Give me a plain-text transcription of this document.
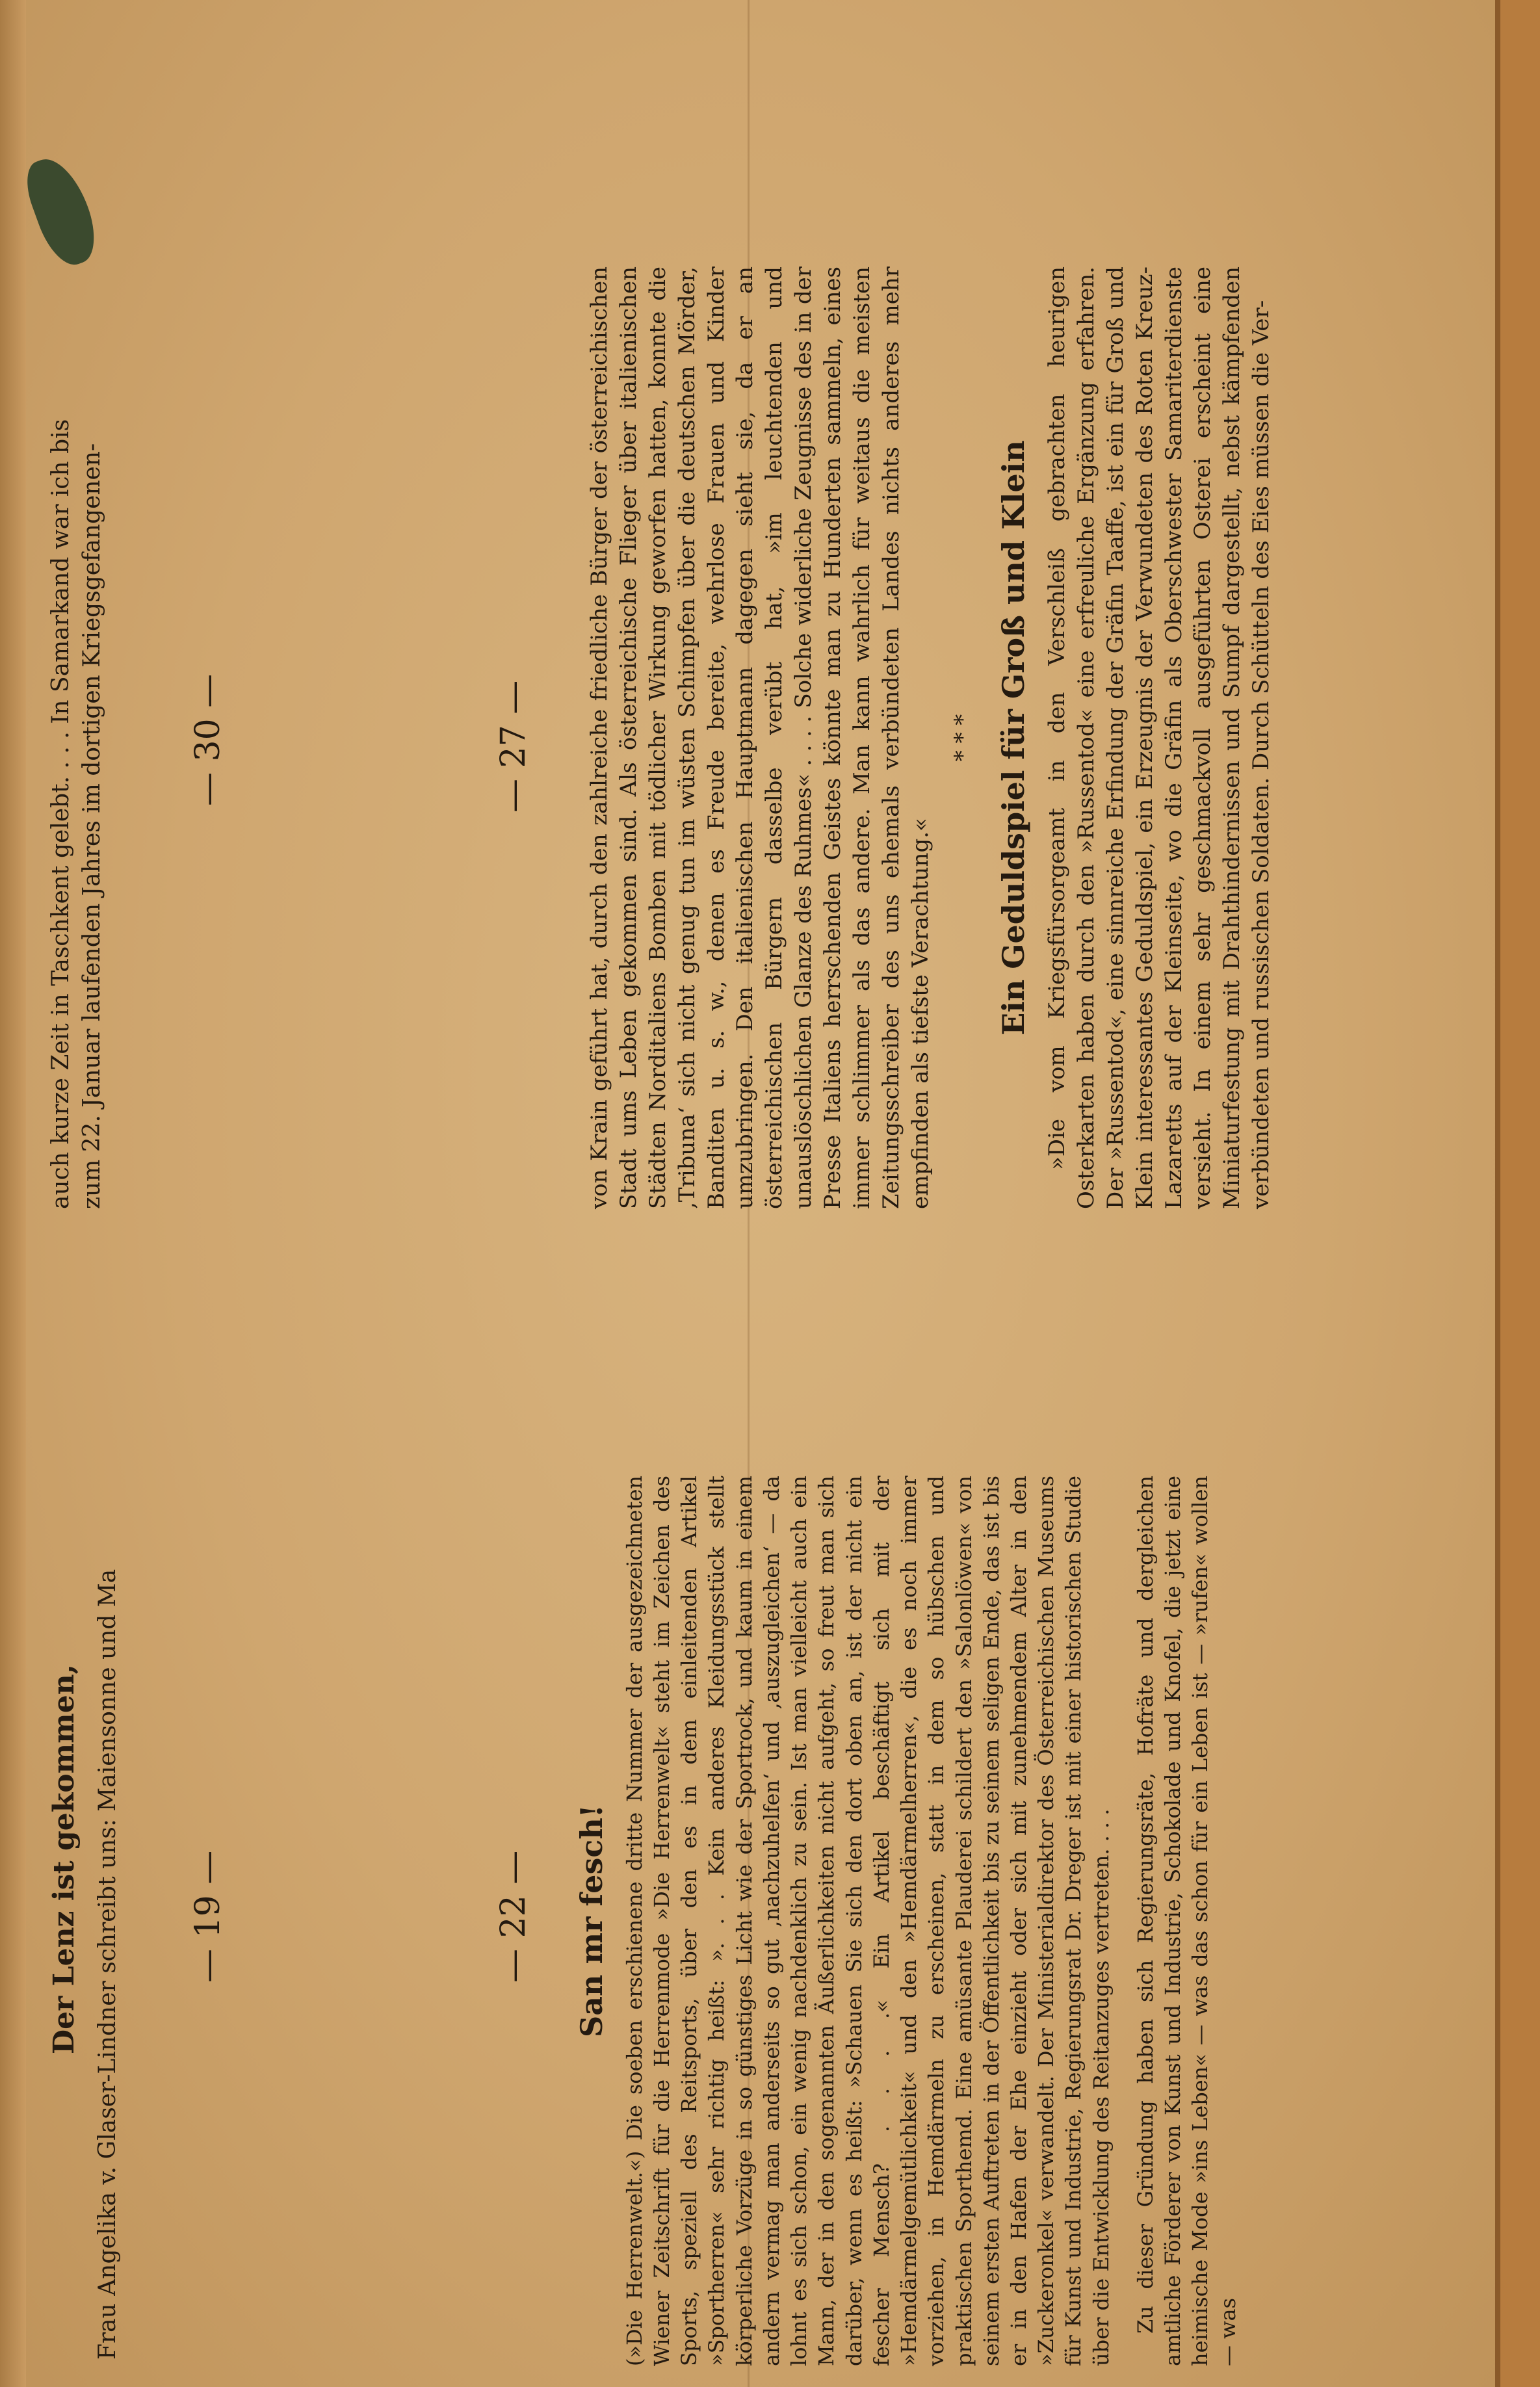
— 30 —
— 19 —
— 27 —
— 22 —

auch kurze Zeit in Taschkent gelebt. . . . In Samarkand war ich bis zum 22. Januar laufenden Jahres im dortigen Kriegsgefangenen-

Der Lenz ist gekommen, Frau Angelika v. Glaser-Lindner schreibt uns: Maiensonne und Ma

von Krain geführt hat, durch den zahlreiche friedliche Bürger der österreichischen Stadt ums Leben gekommen sind. Als österreichische Flieger über italienischen Städten Norditaliens Bomben mit tödlicher Wirkung geworfen hatten, konnte die ‚Tribuna‘ sich nicht genug tun im wüsten Schimpfen über die deutschen Mörder, Banditen u. s. w., denen es Freude bereite, wehrlose Frauen und Kinder umzubringen. Den italienischen Hauptmann dagegen sieht sie, da er an österreichischen Bürgern dasselbe verübt hat, »im leuchtenden und unauslöschlichen Glanze des Ruhmes« . . . . Solche widerliche Zeugnisse des in der Presse Italiens herrschenden Geistes könnte man zu Hunderten sammeln, eines immer schlimmer als das andere. Man kann wahrlich für weitaus die meisten Zeitungsschreiber des uns ehemals verbündeten Landes nichts anderes mehr empfinden als tiefste Verachtung.«

* * * Ein Geduldspiel für Groß und Klein »Die vom Kriegsfürsorgeamt in den Verschleiß gebrachten heurigen Osterkarten haben durch den »Russentod« eine erfreuliche Ergänzung erfahren. Der »Russentod«, eine sinnreiche Erfindung der Gräfin Taaffe, ist ein für Groß und Klein interessantes Geduldspiel, ein Erzeugnis der Verwundeten des Roten Kreuz-Lazaretts auf der Kleinseite, wo die Gräfin als Oberschwester Samariterdienste versieht. In einem sehr geschmackvoll ausgeführten Osterei erscheint eine Miniaturfestung mit Drahthindernissen und Sumpf dargestellt, nebst kämpfenden verbündeten und russischen Soldaten. Durch Schütteln des Eies müssen die Ver-

San mr fesch! (»Die Herrenwelt.«) Die soeben erschienene dritte Nummer der ausgezeichneten Wiener Zeitschrift für die Herrenmode »Die Herrenwelt« steht im Zeichen des Sports, speziell des Reitsports, über den es in dem einleitenden Artikel »Sportherren« sehr richtig heißt: ». . . Kein anderes Kleidungsstück stellt körperliche Vorzüge in so günstiges Licht wie der Sportrock, und kaum in einem andern vermag man anderseits so gut ‚nachzuhelfen‘ und ‚auszugleichen‘ — da lohnt es sich schon, ein wenig nachdenklich zu sein. Ist man vielleicht auch ein Mann, der in den sogenannten Äußerlichkeiten nicht aufgeht, so freut man sich darüber, wenn es heißt: »Schauen Sie sich den dort oben an, ist der nicht ein fescher Mensch? . . . .« Ein Artikel beschäftigt sich mit der »Hemdärmelgemütlichkeit« und den »Hemdärmelherren«, die es noch immer vorziehen, in Hemdärmeln zu erscheinen, statt in dem so hübschen und praktischen Sporthemd. Eine amüsante Plauderei schildert den »Salonlöwen« von seinem ersten Auftreten in der Öffentlichkeit bis zu seinem seligen Ende, das ist bis er in den Hafen der Ehe einzieht oder sich mit zunehmendem Alter in den »Zuckeronkel« verwandelt. Der Ministerialdirektor des Österreichischen Museums für Kunst und Industrie, Regierungsrat Dr. Dreger ist mit einer historischen Studie über die Entwicklung des Reitanzuges vertreten. . . . Zu dieser Gründung haben sich Regierungsräte, Hofräte und dergleichen amtliche Förderer von Kunst und Industrie, Schokolade und Knofel, die jetzt eine heimische Mode »ins Leben« — was das schon für ein Leben ist — »rufen« wollen — was
